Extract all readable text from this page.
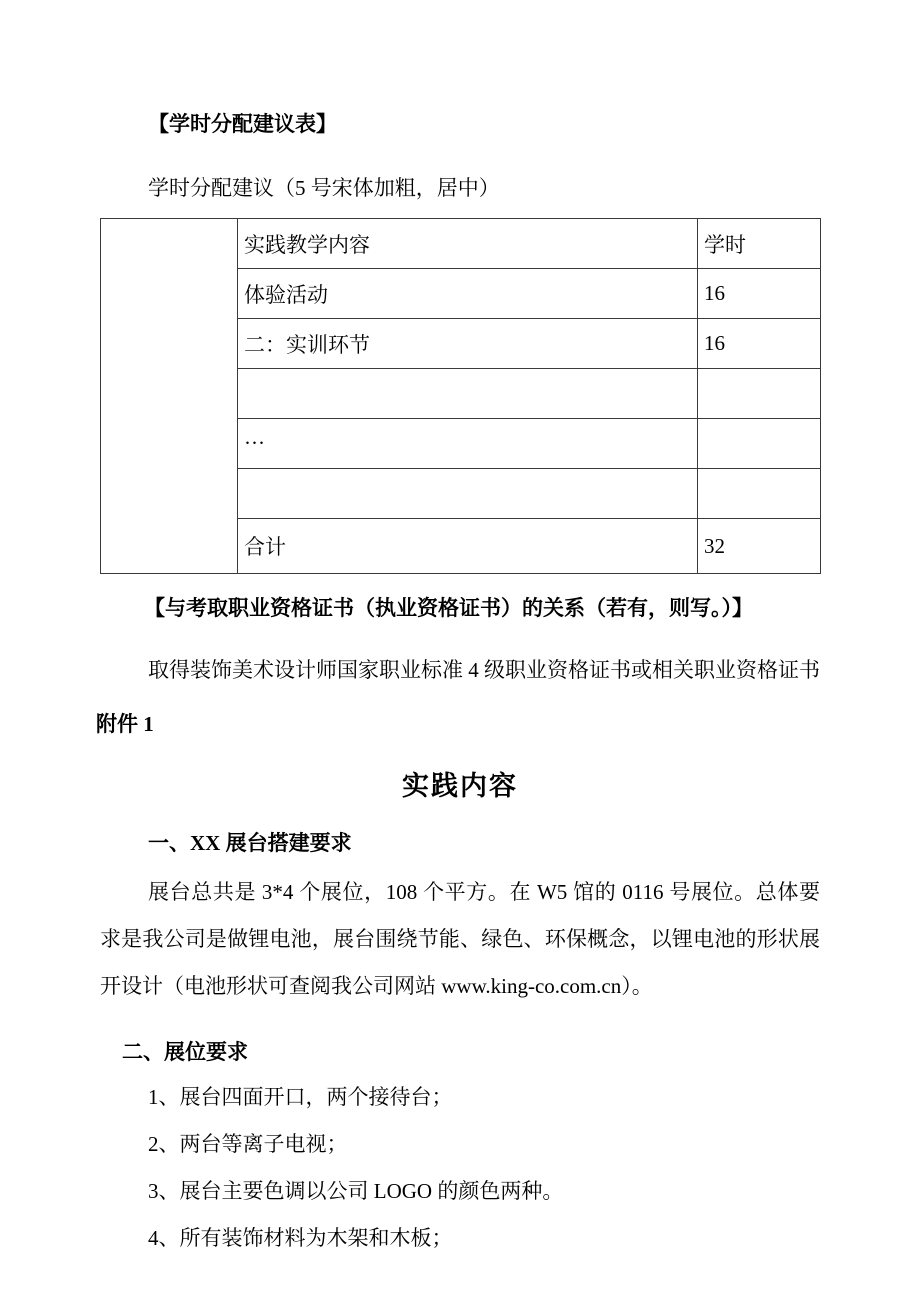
【学时分配建议表】

学时分配建议（5 号宋体加粗，居中）

	实践教学内容	学时
	体验活动	16
	二：实训环节	16

	···	

	合计	32

【与考取职业资格证书（执业资格证书）的关系（若有，则写。）】

取得装饰美术设计师国家职业标准 4 级职业资格证书或相关职业资格证书

附件 1

实践内容

一、XX 展台搭建要求

展台总共是 3*4 个展位，108 个平方。在 W5 馆的 0116 号展位。总体要求是我公司是做锂电池，展台围绕节能、绿色、环保概念，以锂电池的形状展开设计（电池形状可查阅我公司网站 www.king-co.com.cn）。

二、展位要求

1、展台四面开口，两个接待台；
2、两台等离子电视；
3、展台主要色调以公司 LOGO 的颜色两种。
4、所有装饰材料为木架和木板；
